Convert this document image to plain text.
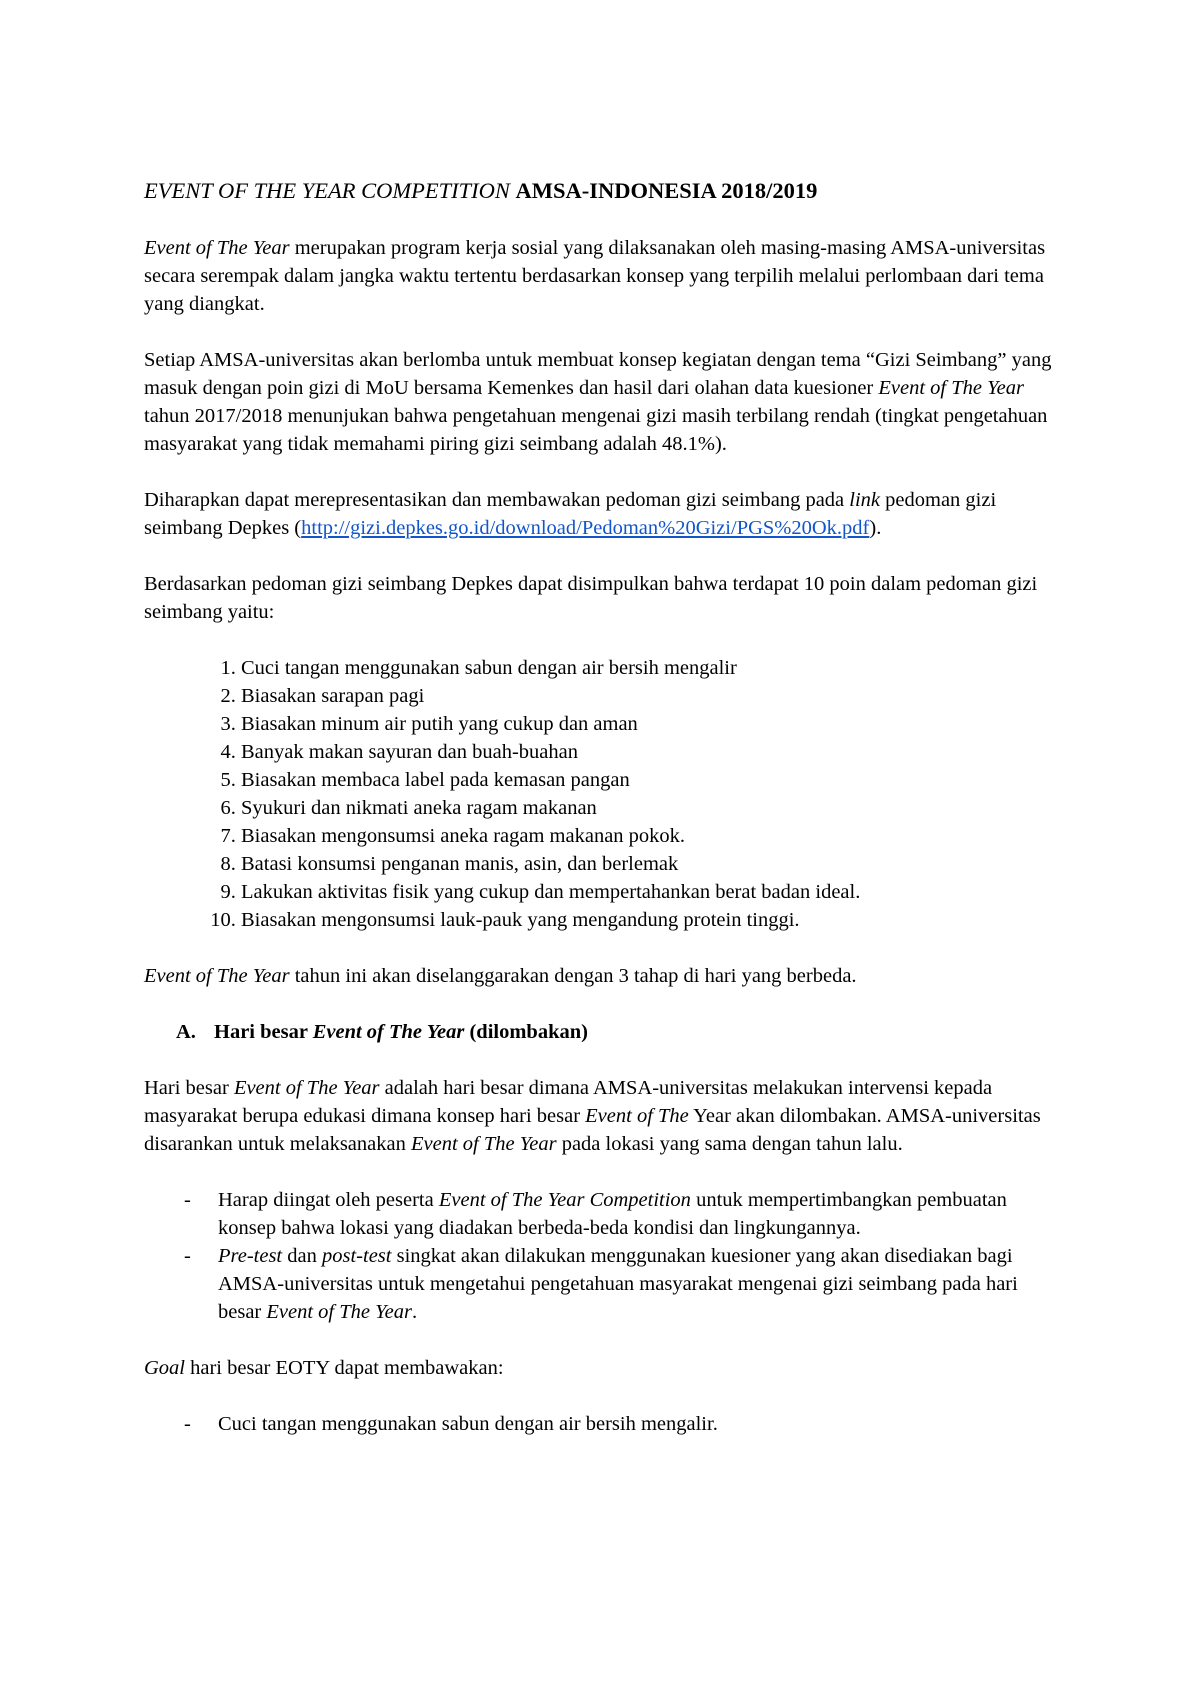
EVENT OF THE YEAR COMPETITION AMSA-INDONESIA 2018/2019

Event of The Year merupakan program kerja sosial yang dilaksanakan oleh masing-masing AMSA-universitas secara serempak dalam jangka waktu tertentu berdasarkan konsep yang terpilih melalui perlombaan dari tema yang diangkat.

Setiap AMSA-universitas akan berlomba untuk membuat konsep kegiatan dengan tema “Gizi Seimbang” yang masuk dengan poin gizi di MoU bersama Kemenkes dan hasil dari olahan data kuesioner Event of The Year tahun 2017/2018 menunjukan bahwa pengetahuan mengenai gizi masih terbilang rendah (tingkat pengetahuan masyarakat yang tidak memahami piring gizi seimbang adalah 48.1%).

Diharapkan dapat merepresentasikan dan membawakan pedoman gizi seimbang pada link pedoman gizi seimbang Depkes (http://gizi.depkes.go.id/download/Pedoman%20Gizi/PGS%20Ok.pdf).

Berdasarkan pedoman gizi seimbang Depkes dapat disimpulkan bahwa terdapat 10 poin dalam pedoman gizi seimbang yaitu:

1. Cuci tangan menggunakan sabun dengan air bersih mengalir
2. Biasakan sarapan pagi
3. Biasakan minum air putih yang cukup dan aman
4. Banyak makan sayuran dan buah-buahan
5. Biasakan membaca label pada kemasan pangan
6. Syukuri dan nikmati aneka ragam makanan
7. Biasakan mengonsumsi aneka ragam makanan pokok.
8. Batasi konsumsi penganan manis, asin, dan berlemak
9. Lakukan aktivitas fisik yang cukup dan mempertahankan berat badan ideal.
10. Biasakan mengonsumsi lauk-pauk yang mengandung protein tinggi.

Event of The Year tahun ini akan diselanggarakan dengan 3 tahap di hari yang berbeda.

A. Hari besar Event of The Year (dilombakan)

Hari besar Event of The Year adalah hari besar dimana AMSA-universitas melakukan intervensi kepada masyarakat berupa edukasi dimana konsep hari besar Event of The Year akan dilombakan. AMSA-universitas disarankan untuk melaksanakan Event of The Year pada lokasi yang sama dengan tahun lalu.

- Harap diingat oleh peserta Event of The Year Competition untuk mempertimbangkan pembuatan konsep bahwa lokasi yang diadakan berbeda-beda kondisi dan lingkungannya.
- Pre-test dan post-test singkat akan dilakukan menggunakan kuesioner yang akan disediakan bagi AMSA-universitas untuk mengetahui pengetahuan masyarakat mengenai gizi seimbang pada hari besar Event of The Year.

Goal hari besar EOTY dapat membawakan:

- Cuci tangan menggunakan sabun dengan air bersih mengalir.
